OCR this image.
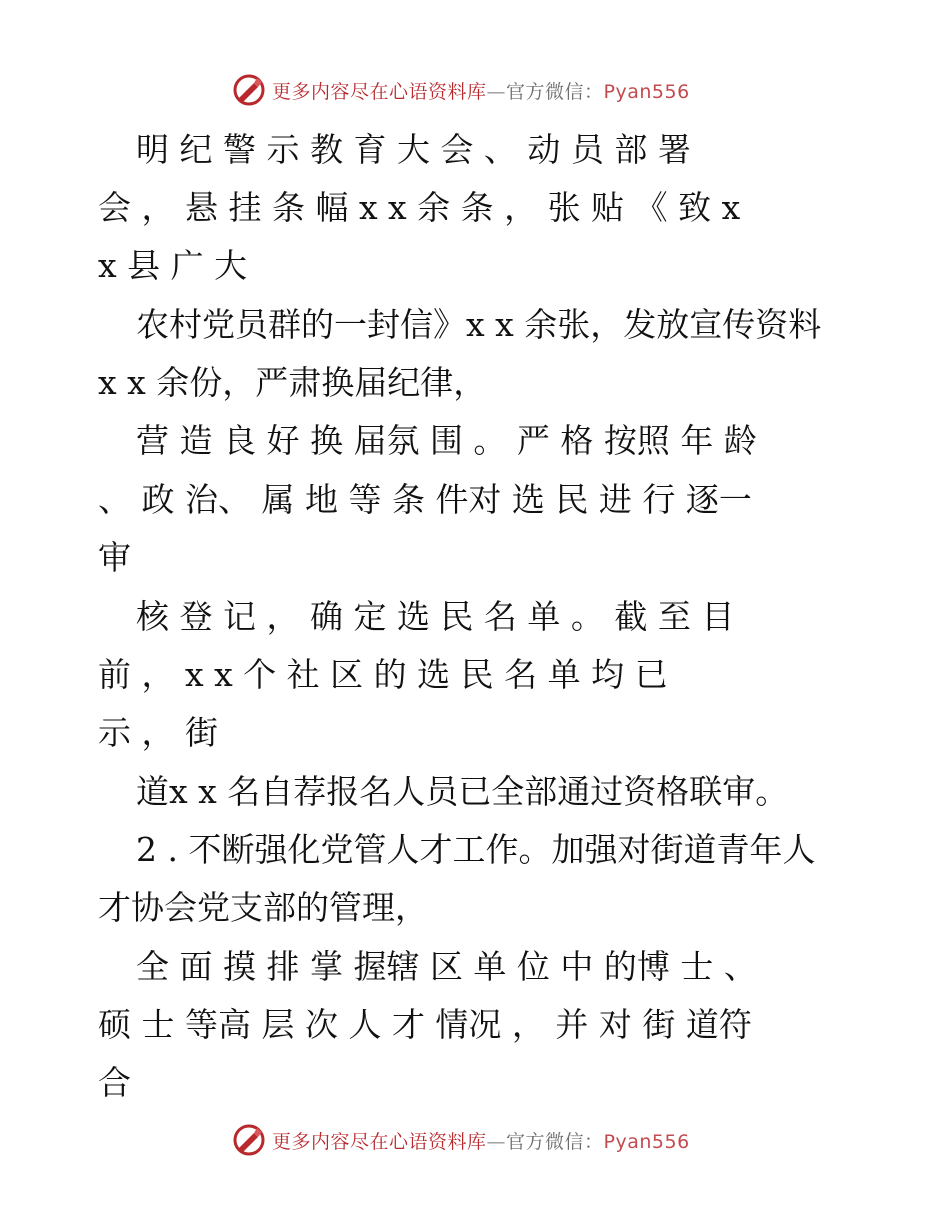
更多内容尽在心语资料库—官方微信：Pyan556
明 纪 警 示 教 育 大 会 、 动 员 部 署
会 ， 悬 挂 条 幅 x x 余 条 ， 张 贴 《 致 x
x 县 广 大
农村党员群的一封信》x x 余张，发放宣传资料
x x 余份，严肃换届纪律，
营 造 良 好 换 届氛 围 。 严 格 按照 年 龄
、 政 治、 属 地 等 条 件对 选 民 进 行 逐一
审
核 登 记 ， 确 定 选 民 名 单 。 截 至 目
前 ， x x 个 社 区 的 选 民 名 单 均 已
示 ， 街
道x x 名自荐报名人员已全部通过资格联审。
2 . 不断强化党管人才工作。加强对街道青年人
才协会党支部的管理，
全 面 摸 排 掌 握辖 区 单 位 中 的博 士 、
硕 士 等高 层 次 人 才 情况 ， 并 对 街 道符
合
更多内容尽在心语资料库—官方微信：Pyan556
